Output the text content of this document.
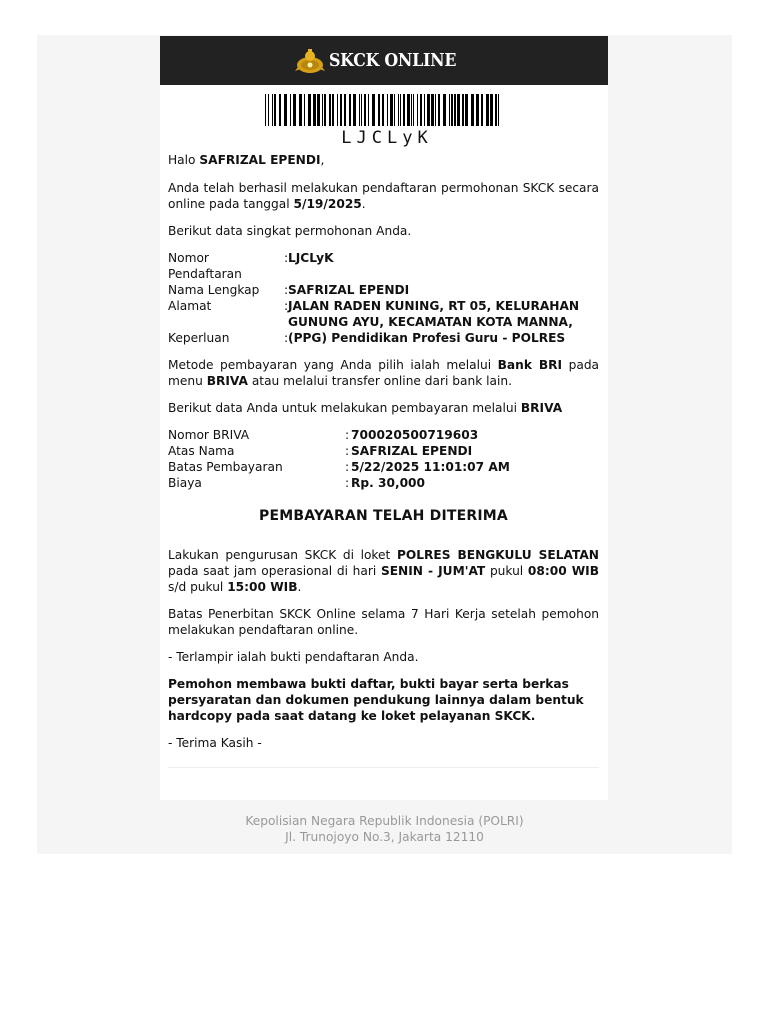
SKCK ONLINE
LJCLyK

Halo SAFRIZAL EPENDI,

Anda telah berhasil melakukan pendaftaran permohonan SKCK secara online pada tanggal 5/19/2025.

Berikut data singkat permohonan Anda.

Nomor Pendaftaran
: LJCLyK
Nama Lengkap	: SAFRIZAL EPENDI
Alamat	: JALAN RADEN KUNING, RT 05, KELURAHAN GUNUNG AYU, KECAMATAN KOTA MANNA,
Keperluan	: (PPG) Pendidikan Profesi Guru - POLRES

Metode pembayaran yang Anda pilih ialah melalui Bank BRI pada menu BRIVA atau melalui transfer online dari bank lain.

Berikut data Anda untuk melakukan pembayaran melalui BRIVA

Nomor BRIVA	: 700020500719603
Atas Nama	: SAFRIZAL EPENDI
Batas Pembayaran	: 5/22/2025 11:01:07 AM
Biaya	: Rp. 30,000

PEMBAYARAN TELAH DITERIMA

Lakukan pengurusan SKCK di loket POLRES BENGKULU SELATAN pada saat jam operasional di hari SENIN - JUM'AT pukul 08:00 WIB s/d pukul 15:00 WIB.

Batas Penerbitan SKCK Online selama 7 Hari Kerja setelah pemohon melakukan pendaftaran online.

- Terlampir ialah bukti pendaftaran Anda.

Pemohon membawa bukti daftar, bukti bayar serta berkas persyaratan dan dokumen pendukung lainnya dalam bentuk hardcopy pada saat datang ke loket pelayanan SKCK.

- Terima Kasih -

Kepolisian Negara Republik Indonesia (POLRI)
Jl. Trunojoyo No.3, Jakarta 12110
